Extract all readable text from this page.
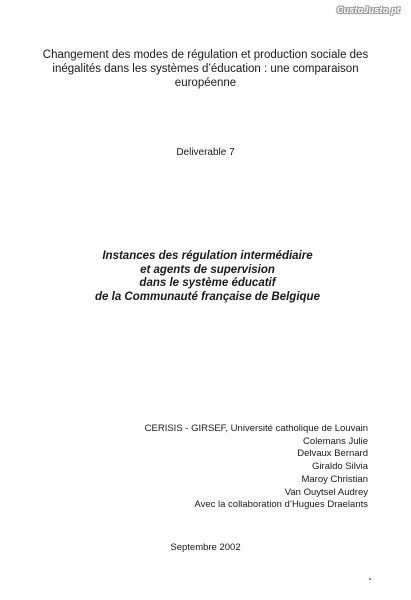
CustoJusto.pt
Changement des modes de régulation et production sociale des
inégalités dans les systèmes d’éducation : une comparaison
européenne
Deliverable 7
Instances des régulation intermédiaire
et agents de supervision
dans le système éducatif
de la Communauté française de Belgique
CERISIS - GIRSEF, Université catholique de Louvain
Colemans Julie
Delvaux Bernard
Giraldo Silvia
Maroy Christian
Van Ouytsel Audrey
Avec la collaboration d’Hugues Draelants
Septembre 2002
